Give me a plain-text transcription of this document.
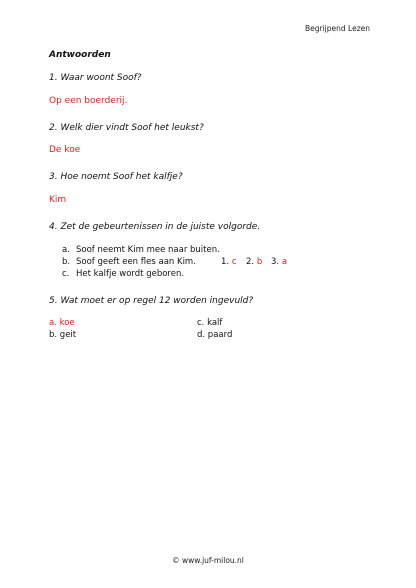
Begrijpend Lezen
Antwoorden
1. Waar woont Soof?
Op een boerderij.
2. Welk dier vindt Soof het leukst?
De koe
3. Hoe noemt Soof het kalfje?
Kim
4. Zet de gebeurtenissen in de juiste volgorde.
a. Soof neemt Kim mee naar buiten.
b. Soof geeft een fles aan Kim.
c. Het kalfje wordt geboren.
1. c 2. b 3. a
5. Wat moet er op regel 12 worden ingevuld?
a. koe
b. geit
c. kalf
d. paard
© www.juf-milou.nl
